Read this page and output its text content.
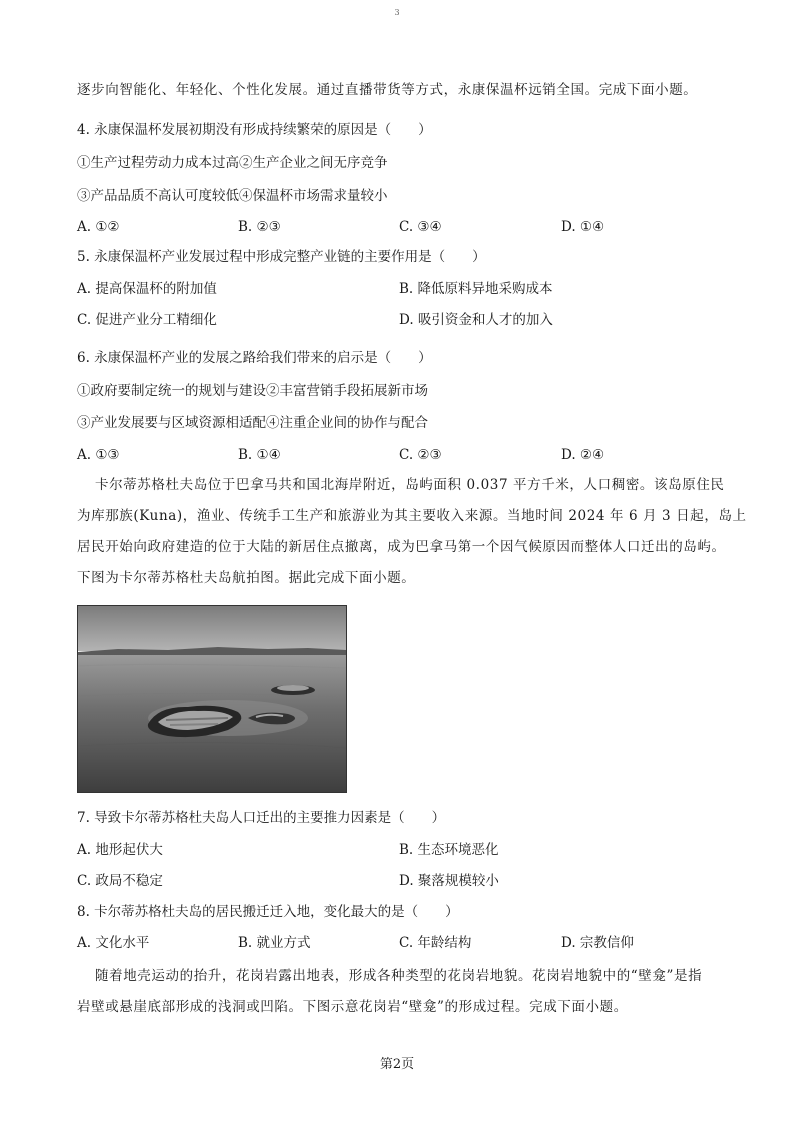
3
逐步向智能化、年轻化、个性化发展。通过直播带货等方式，永康保温杯远销全国。完成下面小题。
4. 永康保温杯发展初期没有形成持续繁荣的原因是（　　）
①生产过程劳动力成本过高②生产企业之间无序竞争
③产品品质不高认可度较低④保温杯市场需求量较小
A. ①②	B. ②③	C. ③④	D. ①④
5. 永康保温杯产业发展过程中形成完整产业链的主要作用是（　　）
A. 提高保温杯的附加值	B. 降低原料异地采购成本
C. 促进产业分工精细化	D. 吸引资金和人才的加入
6. 永康保温杯产业的发展之路给我们带来的启示是（　　）
①政府要制定统一的规划与建设②丰富营销手段拓展新市场
③产业发展要与区域资源相适配④注重企业间的协作与配合
A. ①③	B. ①④	C. ②③	D. ②④
卡尔蒂苏格杜夫岛位于巴拿马共和国北海岸附近，岛屿面积 0.037 平方千米，人口稠密。该岛原住民
为库那族(Kuna)，渔业、传统手工生产和旅游业为其主要收入来源。当地时间 2024 年 6 月 3 日起，岛上
居民开始向政府建造的位于大陆的新居住点撤离，成为巴拿马第一个因气候原因而整体人口迁出的岛屿。
下图为卡尔蒂苏格杜夫岛航拍图。据此完成下面小题。
7. 导致卡尔蒂苏格杜夫岛人口迁出的主要推力因素是（　　）
A. 地形起伏大	B. 生态环境恶化
C. 政局不稳定	D. 聚落规模较小
8. 卡尔蒂苏格杜夫岛的居民搬迁迁入地，变化最大的是（　　）
A. 文化水平	B. 就业方式	C. 年龄结构	D. 宗教信仰
随着地壳运动的抬升，花岗岩露出地表，形成各种类型的花岗岩地貌。花岗岩地貌中的“壁龛”是指
岩壁或悬崖底部形成的浅洞或凹陷。下图示意花岗岩“壁龛”的形成过程。完成下面小题。
第2页
